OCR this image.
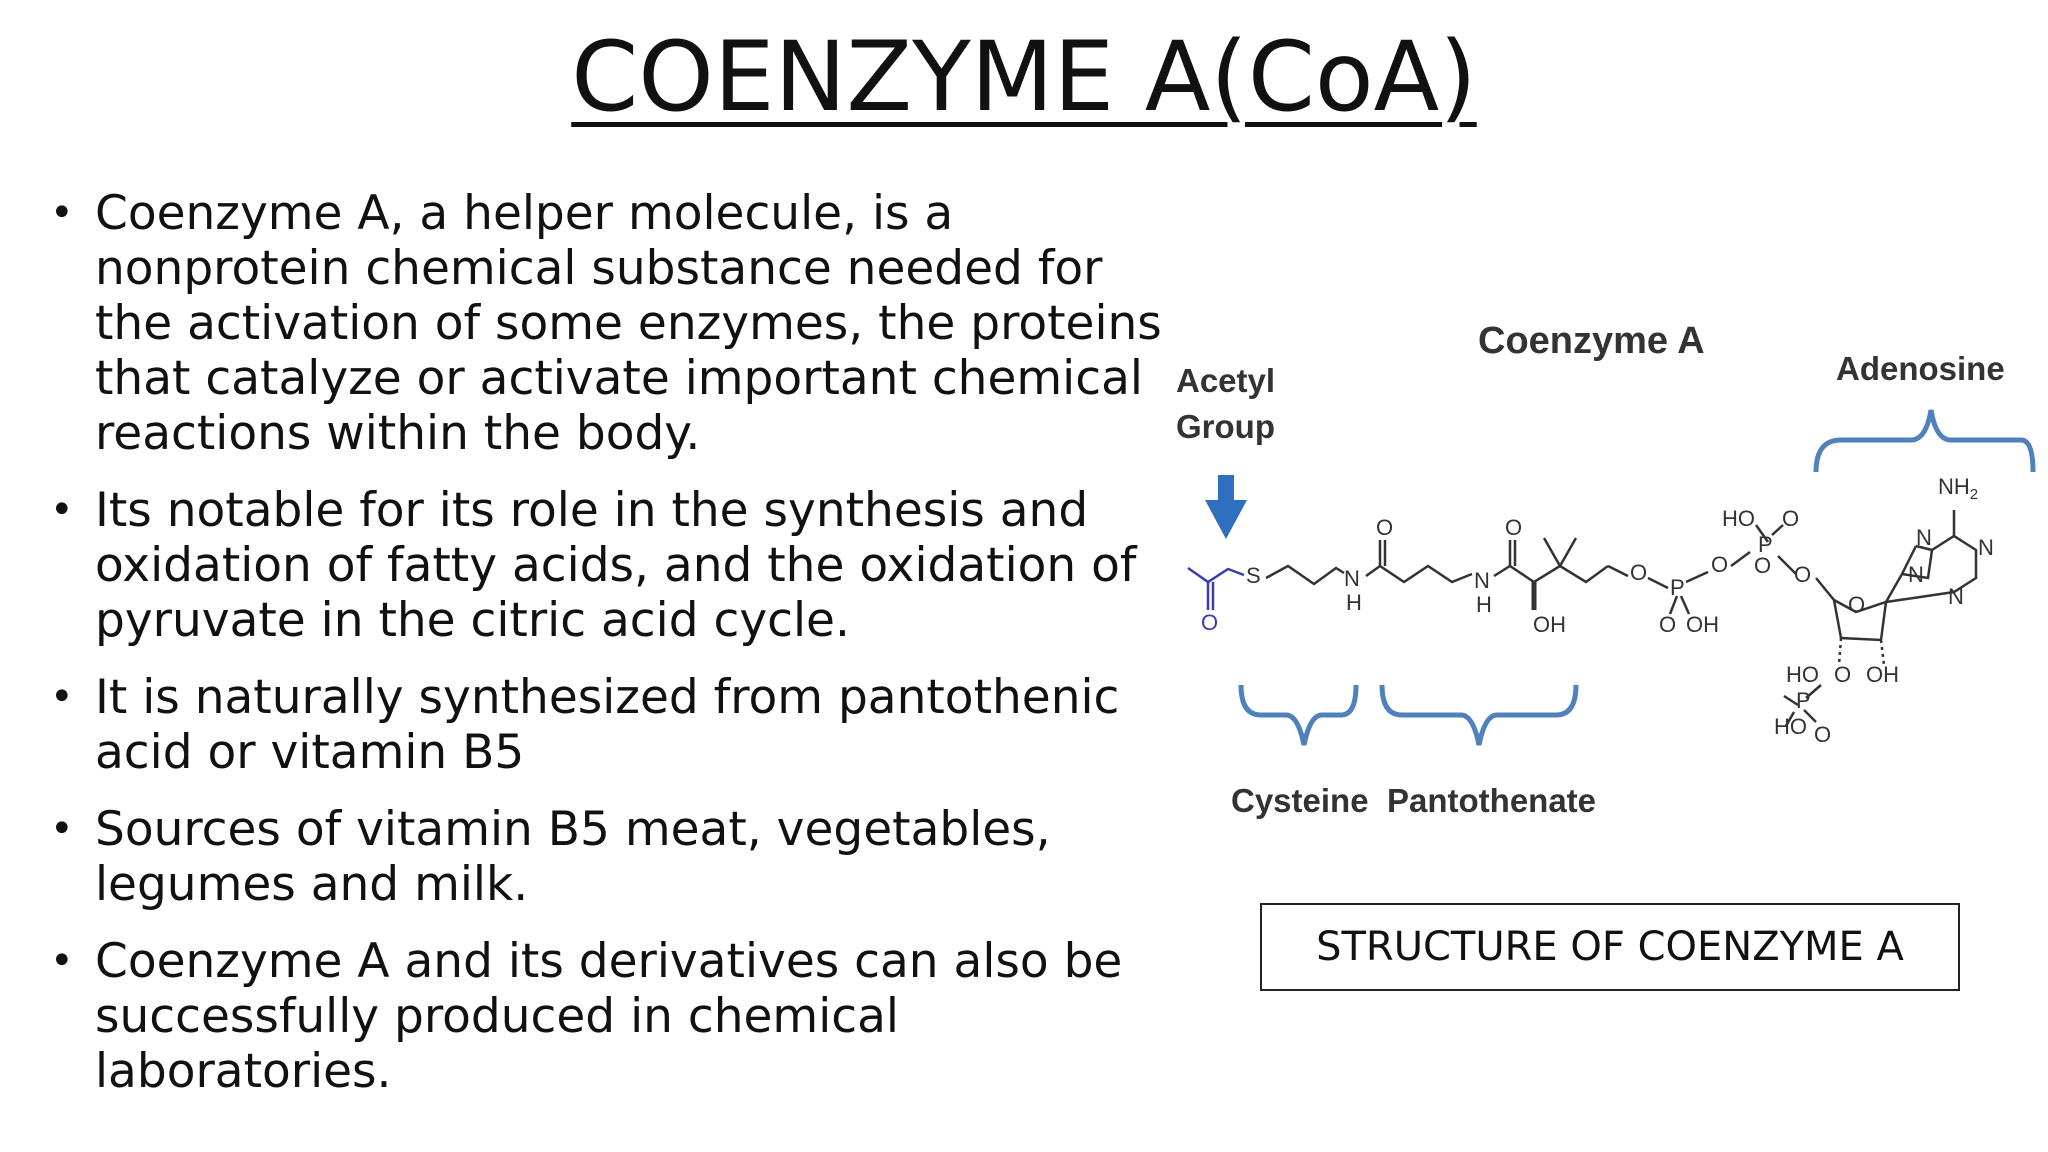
COENZYME A(CoA)
• Coenzyme A, a helper molecule, is a nonprotein chemical substance needed for the activation of some enzymes, the proteins that catalyze or activate important chemical reactions within the body.
• Its notable for its role in the synthesis and oxidation of fatty acids, and the oxidation of pyruvate in the citric acid cycle.
• It is naturally synthesized from pantothenic acid or vitamin B5
• Sources of vitamin B5 meat, vegetables, legumes and milk.
• Coenzyme A and its derivatives can also be successfully produced in chemical laboratories.
Coenzyme A
Acetyl Group
Adenosine
Cysteine Pantothenate
S
O
N
H
O
N
H
O
OH
O
P
O OH
O
HO O
P
O O
O
N
N N
N
$NH_2$
O OH
HO
P
HO O
STRUCTURE OF COENZYME A
